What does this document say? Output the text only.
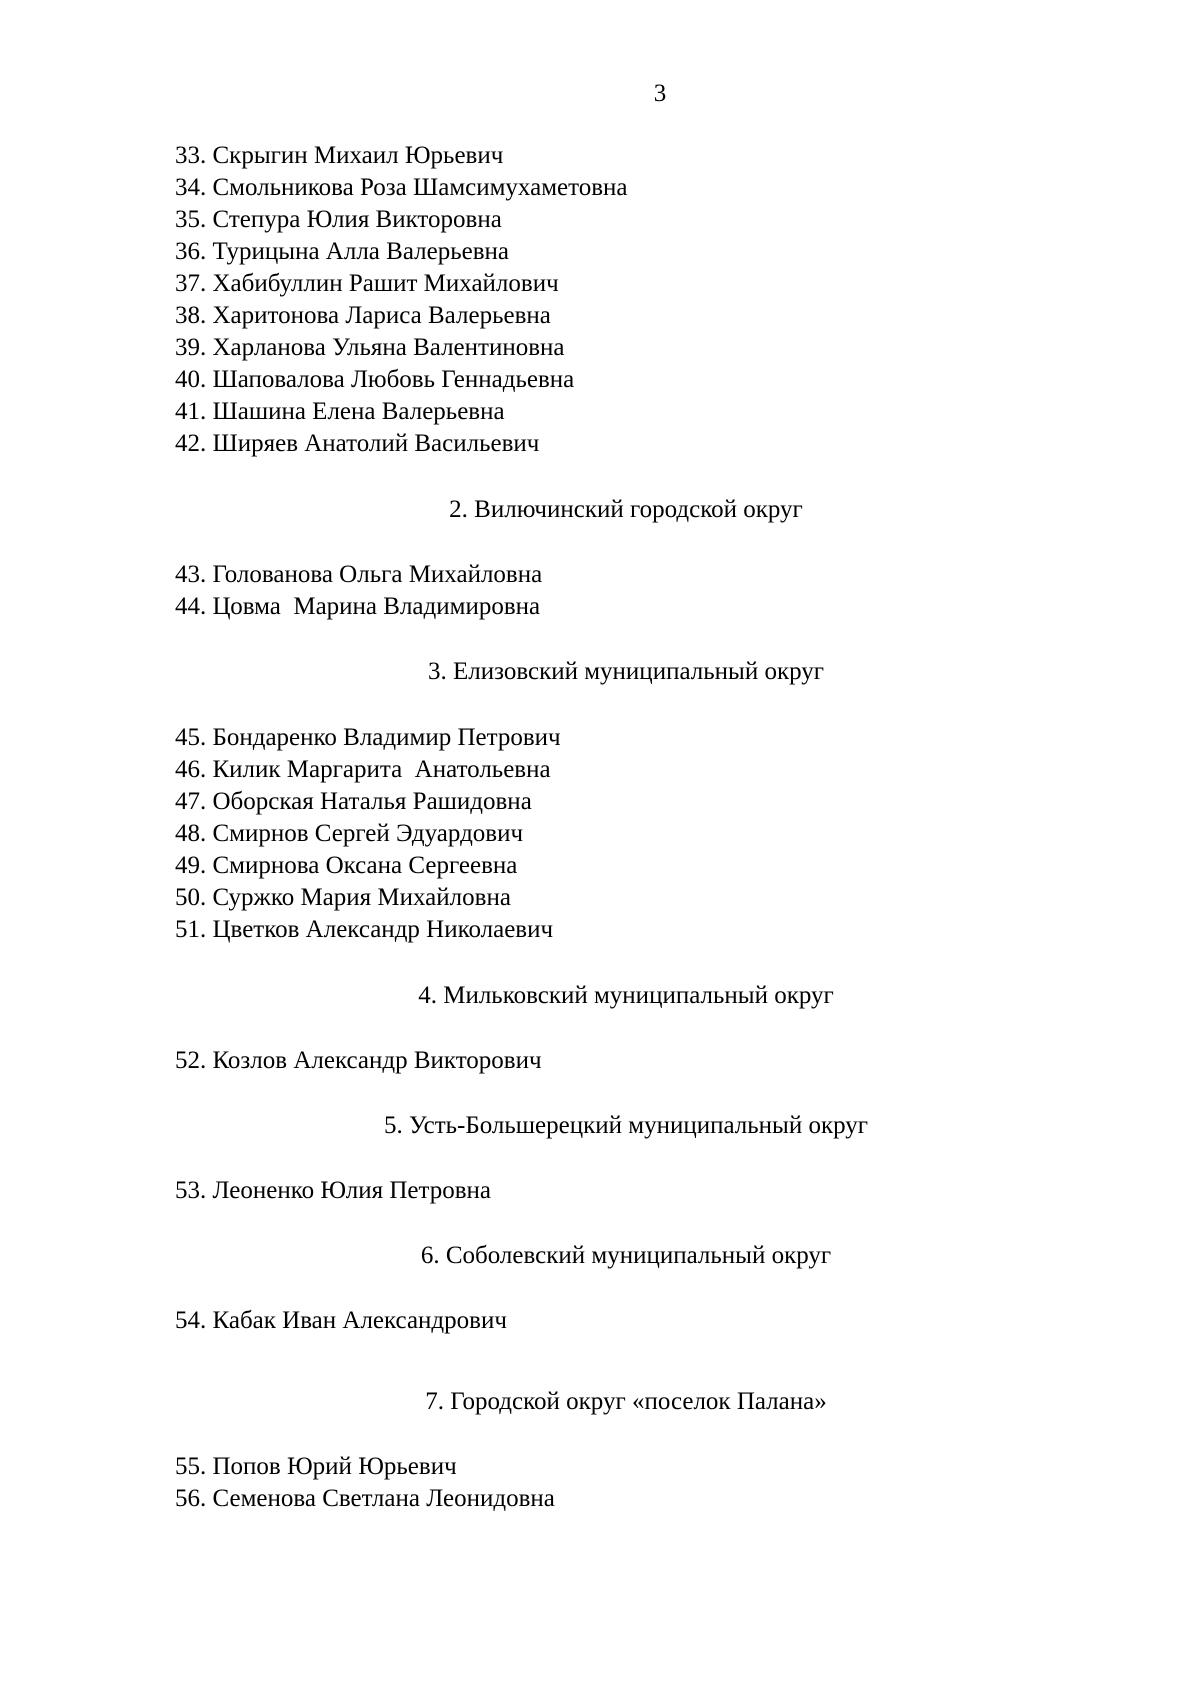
3
33. Скрыгин Михаил Юрьевич
34. Смольникова Роза Шамсимухаметовна
35. Степура Юлия Викторовна
36. Турицына Алла Валерьевна
37. Хабибуллин Рашит Михайлович
38. Харитонова Лариса Валерьевна
39. Харланова Ульяна Валентиновна
40. Шаповалова Любовь Геннадьевна
41. Шашина Елена Валерьевна
42. Ширяев Анатолий Васильевич
2. Вилючинский городской округ
43. Голованова Ольга Михайловна
44. Цовма  Марина Владимировна
3. Елизовский муниципальный округ
45. Бондаренко Владимир Петрович
46. Килик Маргарита  Анатольевна
47. Оборская Наталья Рашидовна
48. Смирнов Сергей Эдуардович
49. Смирнова Оксана Сергеевна
50. Суржко Мария Михайловна
51. Цветков Александр Николаевич
4. Мильковский муниципальный округ
52. Козлов Александр Викторович
5. Усть-Большерецкий муниципальный округ
53. Леоненко Юлия Петровна
6. Соболевский муниципальный округ
54. Кабак Иван Александрович
7. Городской округ «поселок Палана»
55. Попов Юрий Юрьевич
56. Семенова Светлана Леонидовна
